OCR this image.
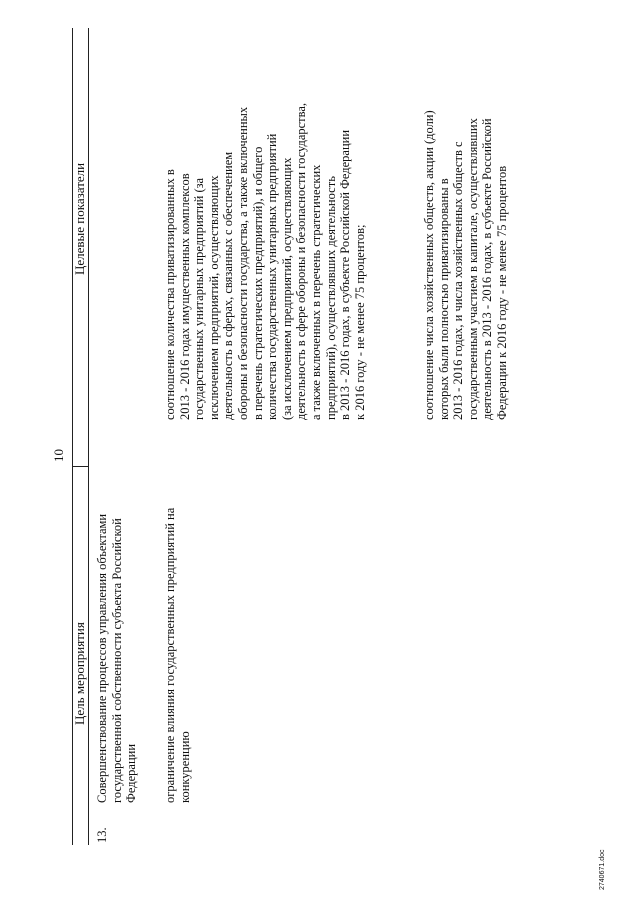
10
Цель мероприятия
Целевые показатели
13.
Совершенствование процессов управления объектами государственной собственности субъекта Российской Федерации ограничение влияния государственных предприятий на конкуренцию
соотношение количества приватизированных в 2013 - 2016 годах имущественных комплексов государственных унитарных предприятий (за исключением предприятий, осуществляющих деятельность в сферах, связанных с обеспечением обороны и безопасности государства, а также включенных в перечень стратегических предприятий), и общего количества государственных унитарных предприятий (за исключением предприятий, осуществляющих деятельность в сфере обороны и безопасности государства, а также включенных в перечень стратегических предприятий), осуществлявших деятельность в 2013 - 2016 годах, в субъекте Российской Федерации к 2016 году - не менее 75 процентов;	соотношение числа хозяйственных обществ, акции (доли) которых были полностью приватизированы в 2013 - 2016 годах, и числа хозяйственных обществ с государственным участием в капитале, осуществлявших деятельность в 2013 - 2016 годах, в субъекте Российской Федерации к 2016 году - не менее 75 процентов
2740671.doc
